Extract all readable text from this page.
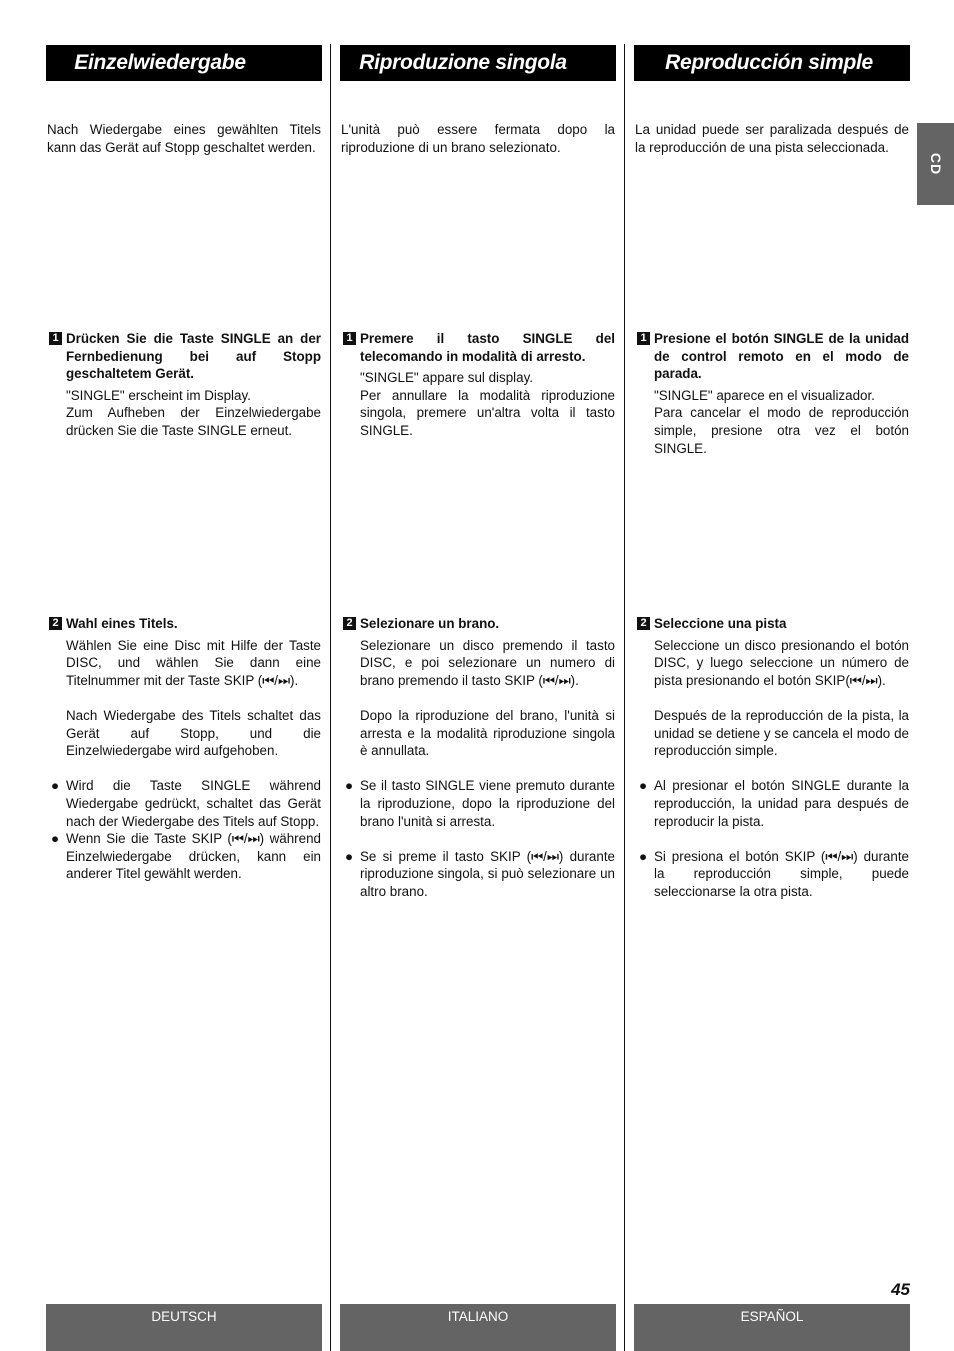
Einzelwiedergabe
Nach Wiedergabe eines gewählten Titels kann das Gerät auf Stopp geschaltet werden.
1 Drücken Sie die Taste SINGLE an der Fernbedienung bei auf Stopp geschaltetem Gerät.

"SINGLE" erscheint im Display.

Zum Aufheben der Einzelwiedergabe drücken Sie die Taste SINGLE erneut.

2 Wahl eines Titels.

Wählen Sie eine Disc mit Hilfe der Taste DISC, und wählen Sie dann eine Titelnummer mit der Taste SKIP (⏮/⏭).

Nach Wiedergabe des Titels schaltet das Gerät auf Stopp, und die Einzelwiedergabe wird aufgehoben.

● Wird die Taste SINGLE während Wiedergabe gedrückt, schaltet das Gerät nach der Wiedergabe des Titels auf Stopp.
● Wenn Sie die Taste SKIP (⏮/⏭) während Einzelwiedergabe drücken, kann ein anderer Titel gewählt werden.
DEUTSCH
Riproduzione singola
L'unità può essere fermata dopo la riproduzione di un brano selezionato.
1 Premere il tasto SINGLE del telecomando in modalità di arresto.

"SINGLE" appare sul display.

Per annullare la modalità riproduzione singola, premere un'altra volta il tasto SINGLE.

2 Selezionare un brano.

Selezionare un disco premendo il tasto DISC, e poi selezionare un numero di brano premendo il tasto SKIP (⏮/⏭).

Dopo la riproduzione del brano, l'unità si arresta e la modalità riproduzione singola è annullata.

● Se il tasto SINGLE viene premuto durante la riproduzione, dopo la riproduzione del brano l'unità si arresta.
● Se si preme il tasto SKIP (⏮/⏭) durante riproduzione singola, si può selezionare un altro brano.
ITALIANO
Reproducción simple
La unidad puede ser paralizada después de la reproducción de una pista seleccionada.
1 Presione el botón SINGLE de la unidad de control remoto en el modo de parada.

"SINGLE" aparece en el visualizador.

Para cancelar el modo de reproducción simple, presione otra vez el botón SINGLE.

2 Seleccione una pista

Seleccione un disco presionando el botón DISC, y luego seleccione un número de pista presionando el botón SKIP(⏮/⏭).

Después de la reproducción de la pista, la unidad se detiene y se cancela el modo de reproducción simple.

● Al presionar el botón SINGLE durante la reproducción, la unidad para después de reproducir la pista.
● Si presiona el botón SKIP (⏮/⏭) durante la reproducción simple, puede seleccionarse la otra pista.
ESPAÑOL
CD
45
